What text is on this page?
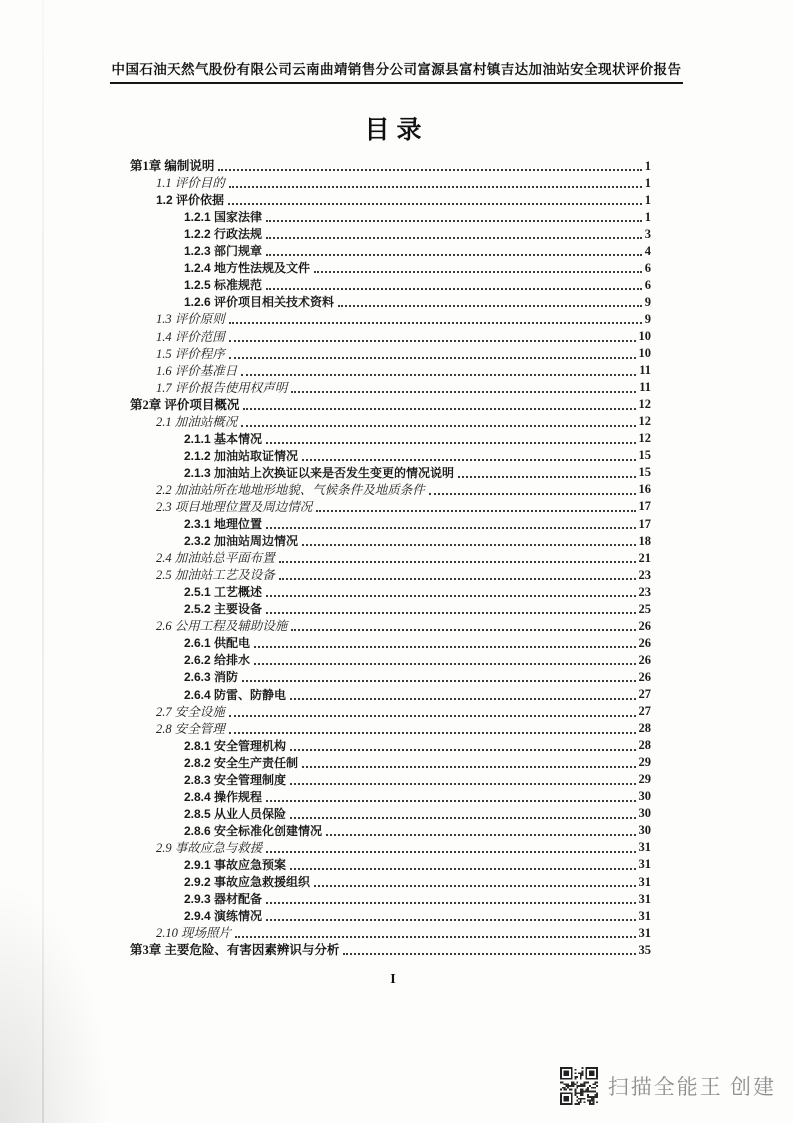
中国石油天然气股份有限公司云南曲靖销售分公司富源县富村镇吉达加油站安全现状评价报告
目录
第1章 编制说明	1
1.1 评价目的	1
1.2 评价依据	1
1.2.1 国家法律	1
1.2.2 行政法规	3
1.2.3 部门规章	4
1.2.4 地方性法规及文件	6
1.2.5 标准规范	6
1.2.6 评价项目相关技术资料	9
1.3 评价原则	9
1.4 评价范围	10
1.5 评价程序	10
1.6 评价基准日	11
1.7 评价报告使用权声明	11
第2章 评价项目概况	12
2.1 加油站概况	12
2.1.1 基本情况	12
2.1.2 加油站取证情况	15
2.1.3 加油站上次换证以来是否发生变更的情况说明	15
2.2 加油站所在地地形地貌、气候条件及地质条件	16
2.3 项目地理位置及周边情况	17
2.3.1 地理位置	17
2.3.2 加油站周边情况	18
2.4 加油站总平面布置	21
2.5 加油站工艺及设备	23
2.5.1 工艺概述	23
2.5.2 主要设备	25
2.6 公用工程及辅助设施	26
2.6.1 供配电	26
2.6.2 给排水	26
2.6.3 消防	26
2.6.4 防雷、防静电	27
2.7 安全设施	27
2.8 安全管理	28
2.8.1 安全管理机构	28
2.8.2 安全生产责任制	29
2.8.3 安全管理制度	29
2.8.4 操作规程	30
2.8.5 从业人员保险	30
2.8.6 安全标准化创建情况	30
2.9 事故应急与救援	31
2.9.1 事故应急预案	31
2.9.2 事故应急救援组织	31
2.9.3 器材配备	31
2.9.4 演练情况	31
2.10 现场照片	31
第3章 主要危险、有害因素辨识与分析	35
I
扫描全能王 创建
